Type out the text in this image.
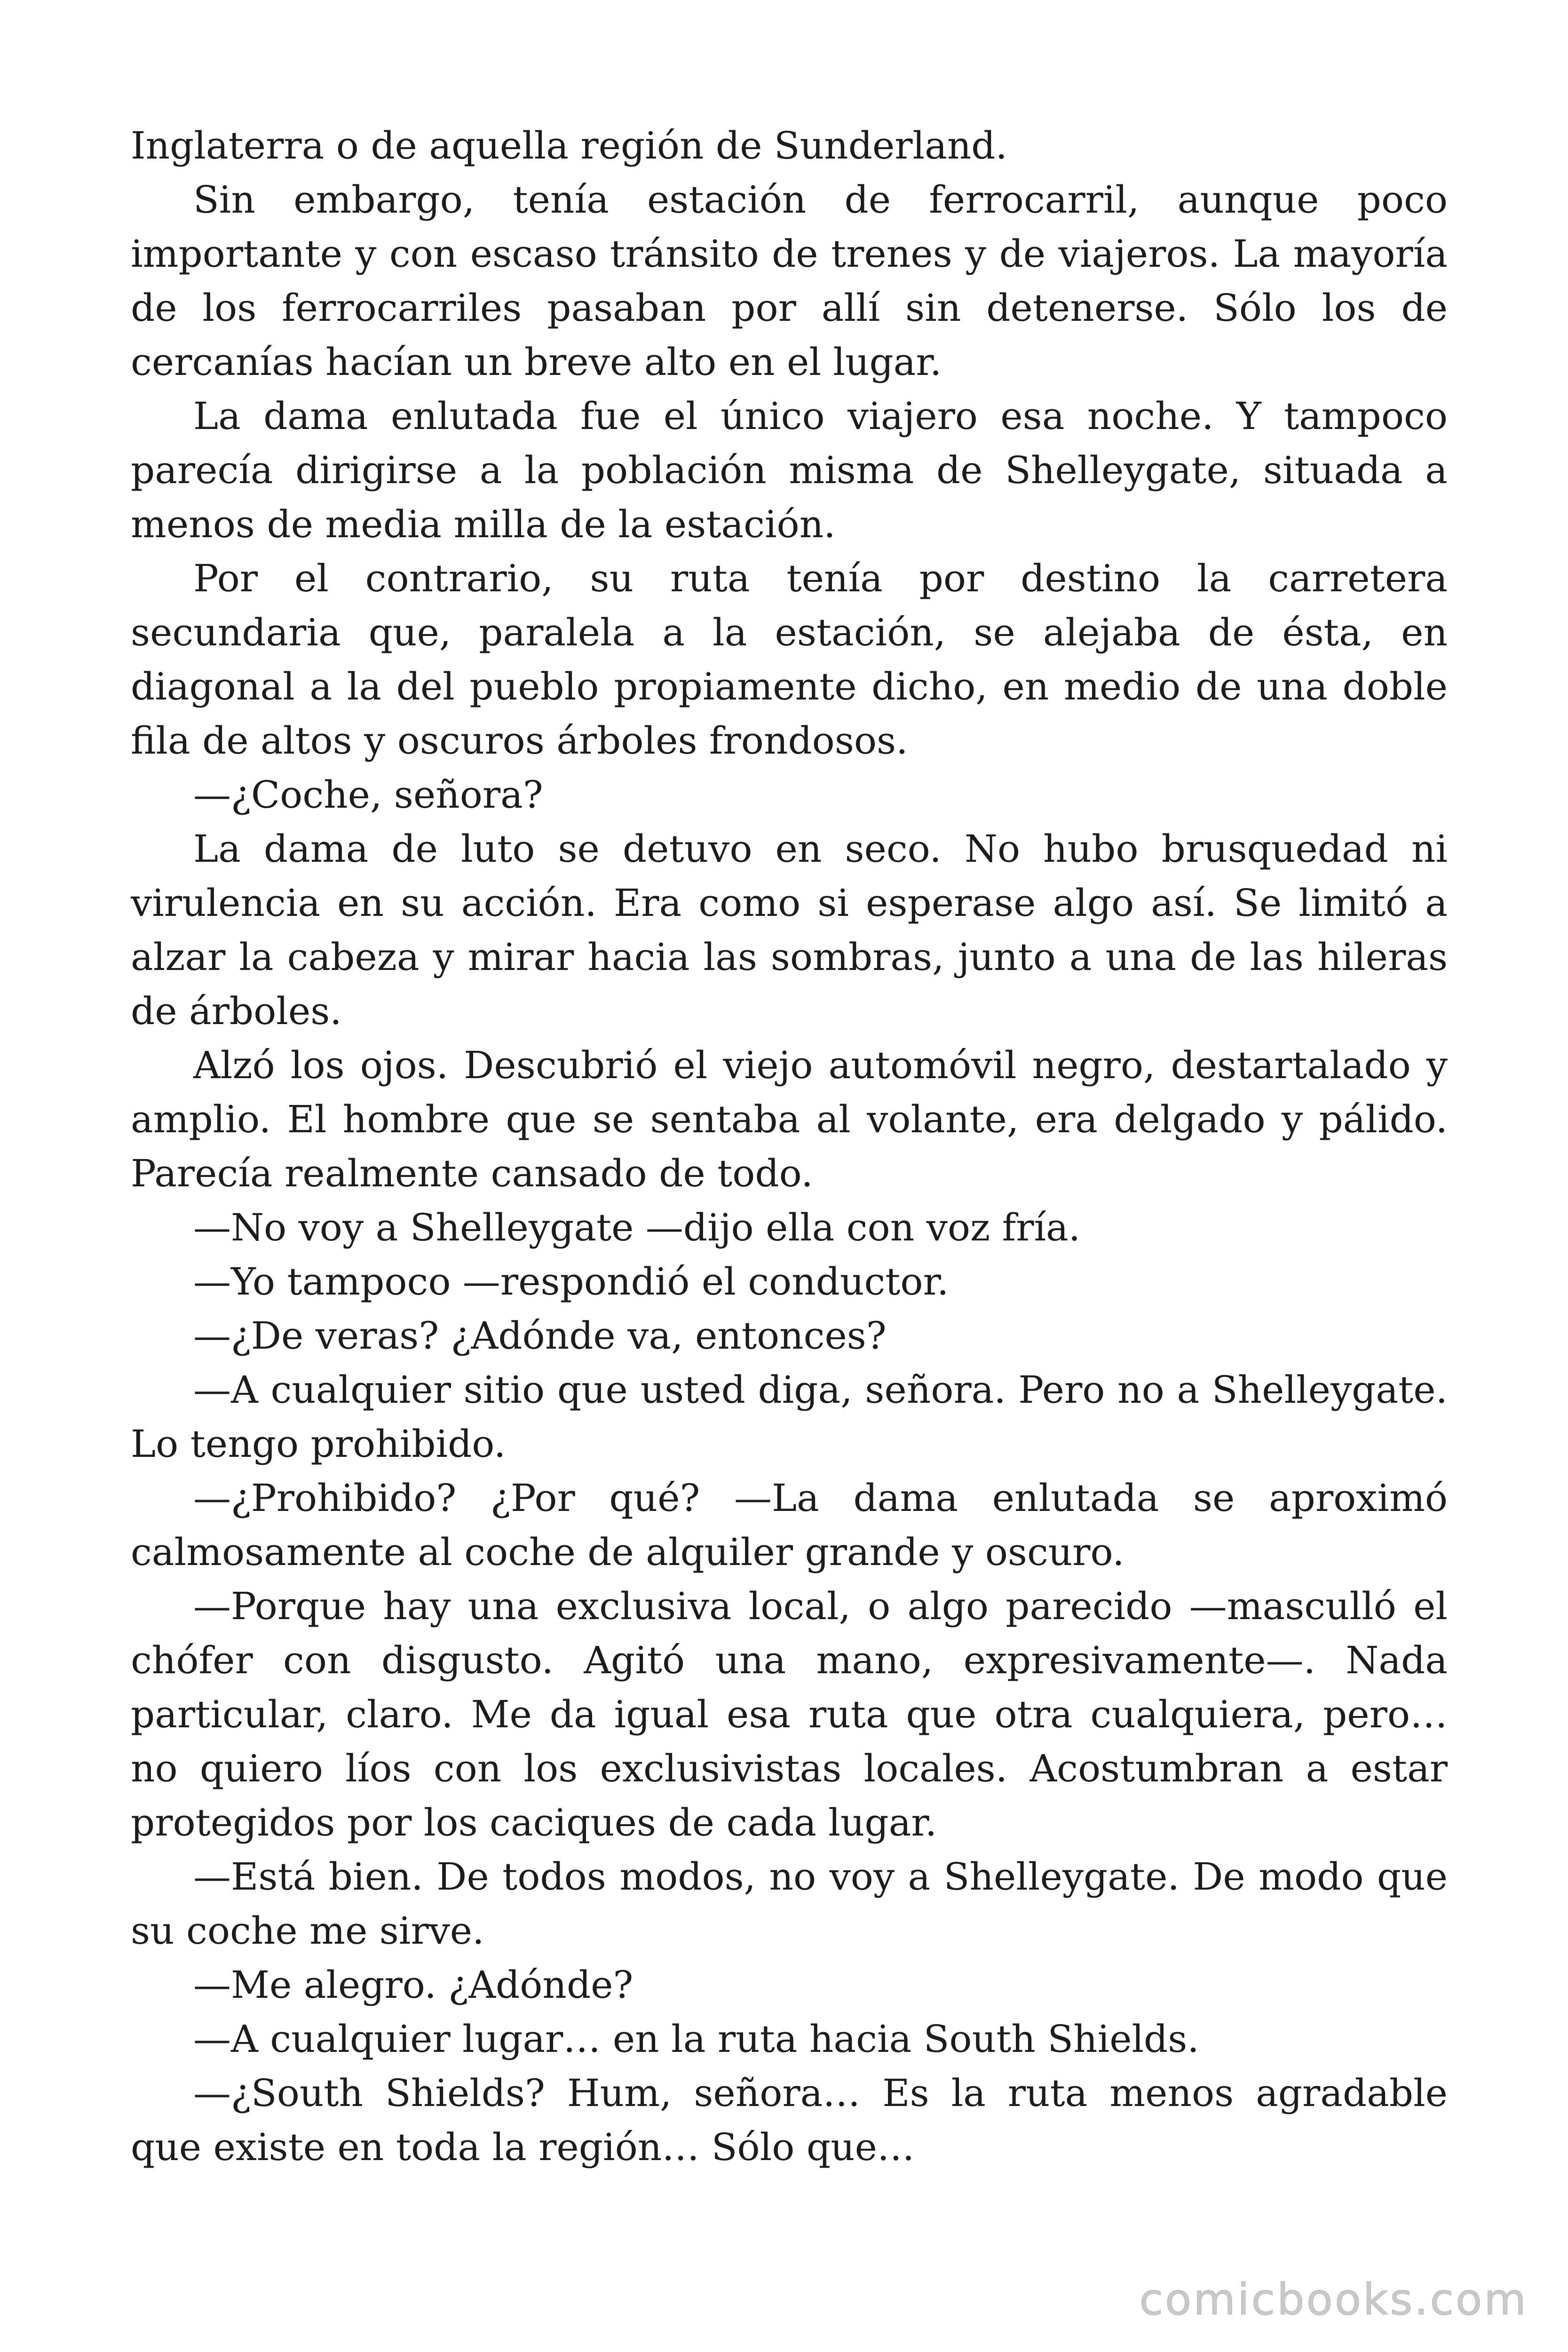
Inglaterra o de aquella región de Sunderland.

Sin embargo, tenía estación de ferrocarril, aunque poco importante y con escaso tránsito de trenes y de viajeros. La mayoría de los ferrocarriles pasaban por allí sin detenerse. Sólo los de cercanías hacían un breve alto en el lugar.

La dama enlutada fue el único viajero esa noche. Y tampoco parecía dirigirse a la población misma de Shelleygate, situada a menos de media milla de la estación.

Por el contrario, su ruta tenía por destino la carretera secundaria que, paralela a la estación, se alejaba de ésta, en diagonal a la del pueblo propiamente dicho, en medio de una doble fila de altos y oscuros árboles frondosos.

—¿Coche, señora?

La dama de luto se detuvo en seco. No hubo brusquedad ni virulencia en su acción. Era como si esperase algo así. Se limitó a alzar la cabeza y mirar hacia las sombras, junto a una de las hileras de árboles.

Alzó los ojos. Descubrió el viejo automóvil negro, destartalado y amplio. El hombre que se sentaba al volante, era delgado y pálido. Parecía realmente cansado de todo.

—No voy a Shelleygate —dijo ella con voz fría.

—Yo tampoco —respondió el conductor.

—¿De veras? ¿Adónde va, entonces?

—A cualquier sitio que usted diga, señora. Pero no a Shelleygate. Lo tengo prohibido.

—¿Prohibido? ¿Por qué? —La dama enlutada se aproximó calmosamente al coche de alquiler grande y oscuro.

—Porque hay una exclusiva local, o algo parecido —masculló el chófer con disgusto. Agitó una mano, expresivamente—. Nada particular, claro. Me da igual esa ruta que otra cualquiera, pero… no quiero líos con los exclusivistas locales. Acostumbran a estar protegidos por los caciques de cada lugar.

—Está bien. De todos modos, no voy a Shelleygate. De modo que su coche me sirve.

—Me alegro. ¿Adónde?

—A cualquier lugar… en la ruta hacia South Shields.

—¿South Shields? Hum, señora… Es la ruta menos agradable que existe en toda la región… Sólo que…

comicbooks.com
